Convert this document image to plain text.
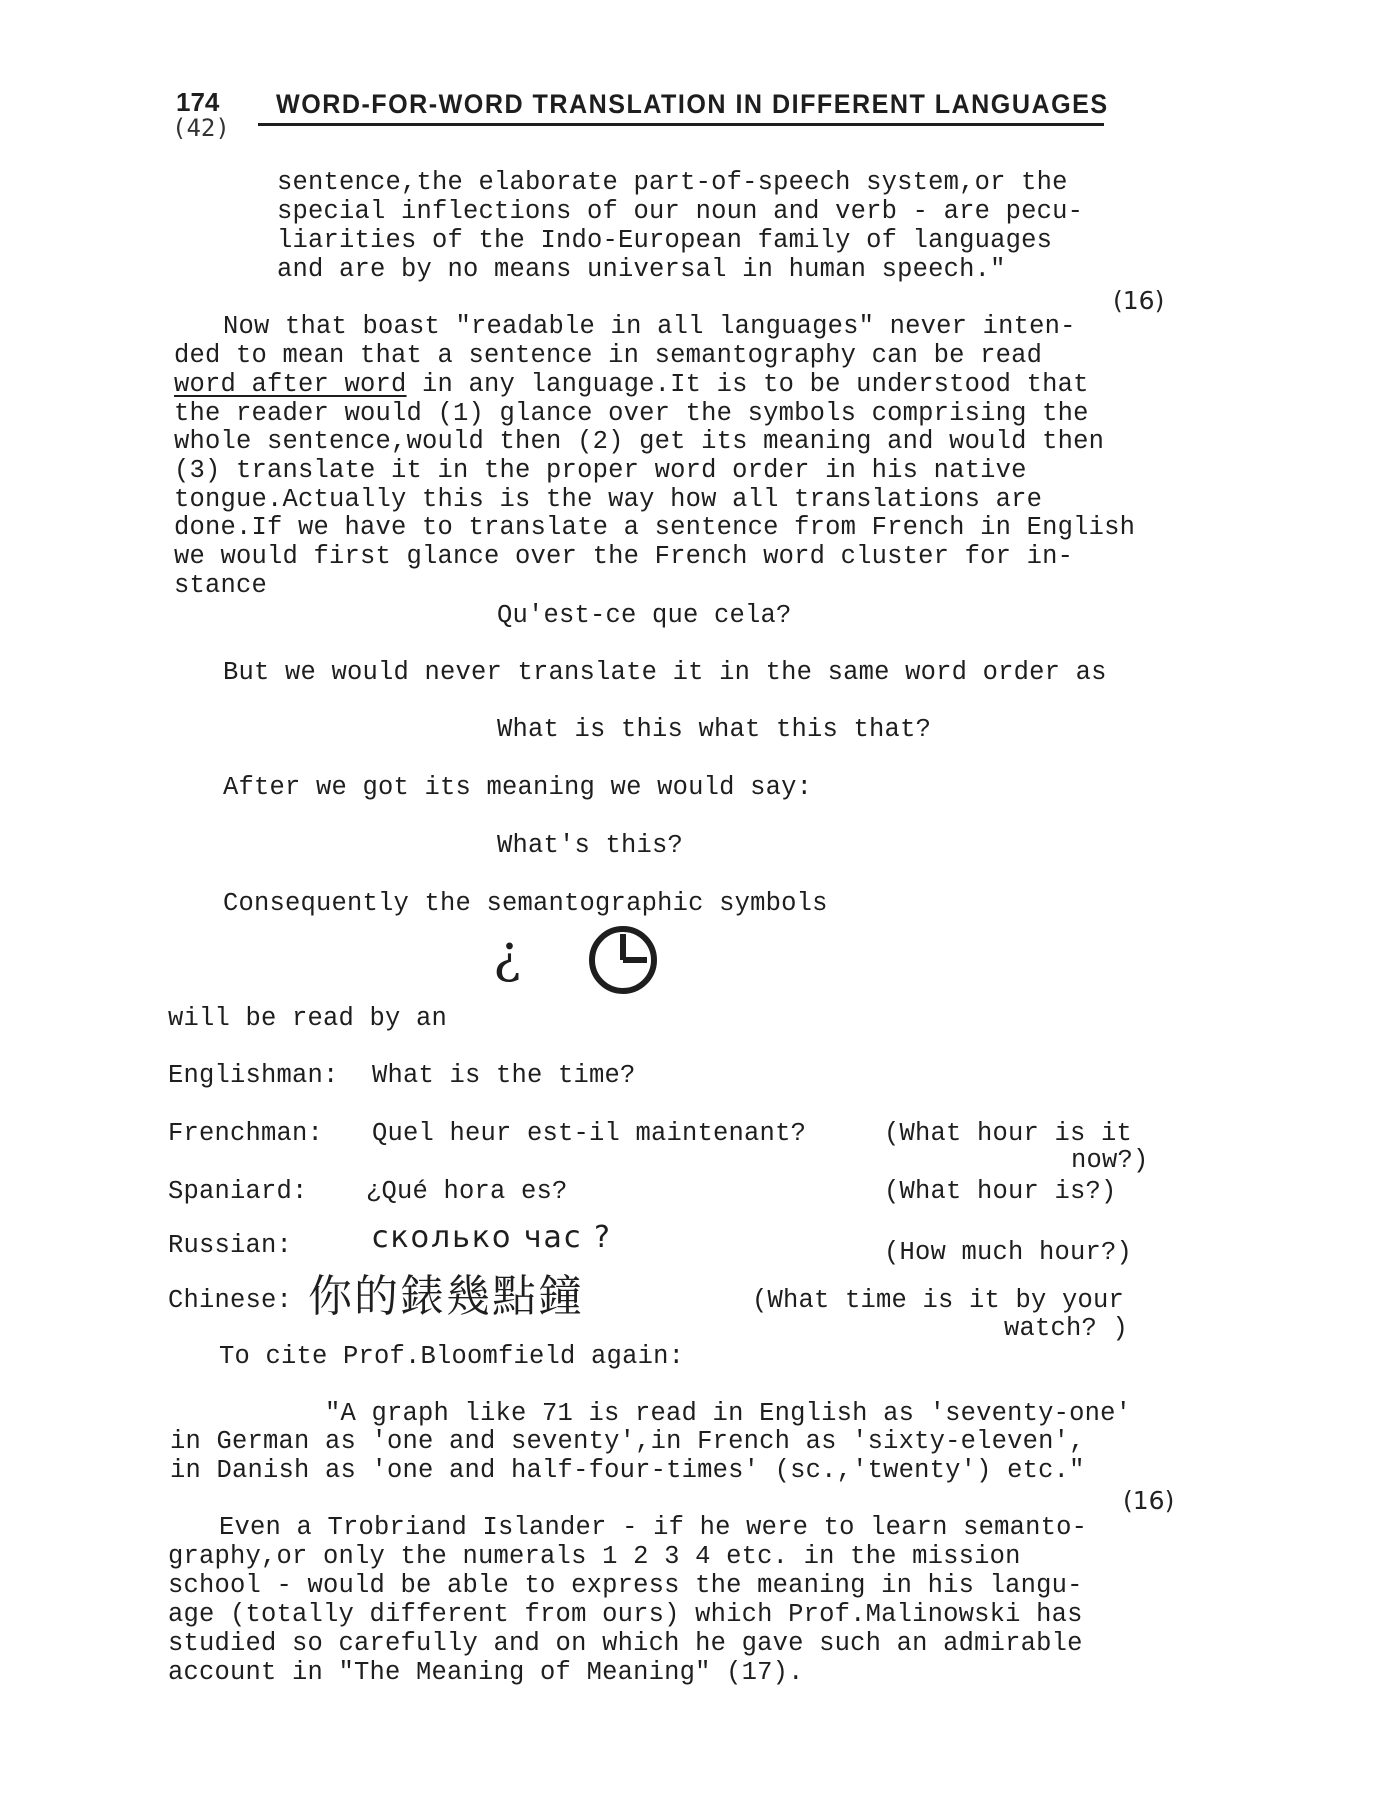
174
(42)
WORD-FOR-WORD TRANSLATION IN DIFFERENT LANGUAGES
sentence,the elaborate part-of-speech system,or the
special inflections of our noun and verb - are pecu-
liarities of the Indo-European family of languages
and are by no means universal in human speech."
(16)
Now that boast "readable in all languages" never inten-
ded to mean that a sentence in semantography can be read
word after word in any language.It is to be understood that
the reader would (1) glance over the symbols comprising the
whole sentence,would then (2) get its meaning and would then
(3) translate it in the proper word order in his native
tongue.Actually this is the way how all translations are
done.If we have to translate a sentence from French in English
we would first glance over the French word cluster for in-
stance
Qu'est-ce que cela?
But we would never translate it in the same word order as
What is this what this that?
After we got its meaning we would say:
What's this?
Consequently the semantographic symbols
?
will be read by an
Englishman: What is the time?
Frenchman: Quel heur est-il maintenant?	(What hour is it
now?)
Spaniard: ¿Qué hora es?	(What hour is?)
Russian:	сколько час ?	(How much hour?)
Chinese: 你的錶幾點鐘	(What time is it by your
watch? )
To cite Prof.Bloomfield again:
"A graph like 71 is read in English as 'seventy-one'
in German as 'one and seventy',in French as 'sixty-eleven',
in Danish as 'one and half-four-times' (sc.,'twenty') etc."
(16)
Even a Trobriand Islander - if he were to learn semanto-
graphy,or only the numerals 1 2 3 4 etc. in the mission
school - would be able to express the meaning in his langu-
age (totally different from ours) which Prof.Malinowski has
studied so carefully and on which he gave such an admirable
account in "The Meaning of Meaning" (17).
